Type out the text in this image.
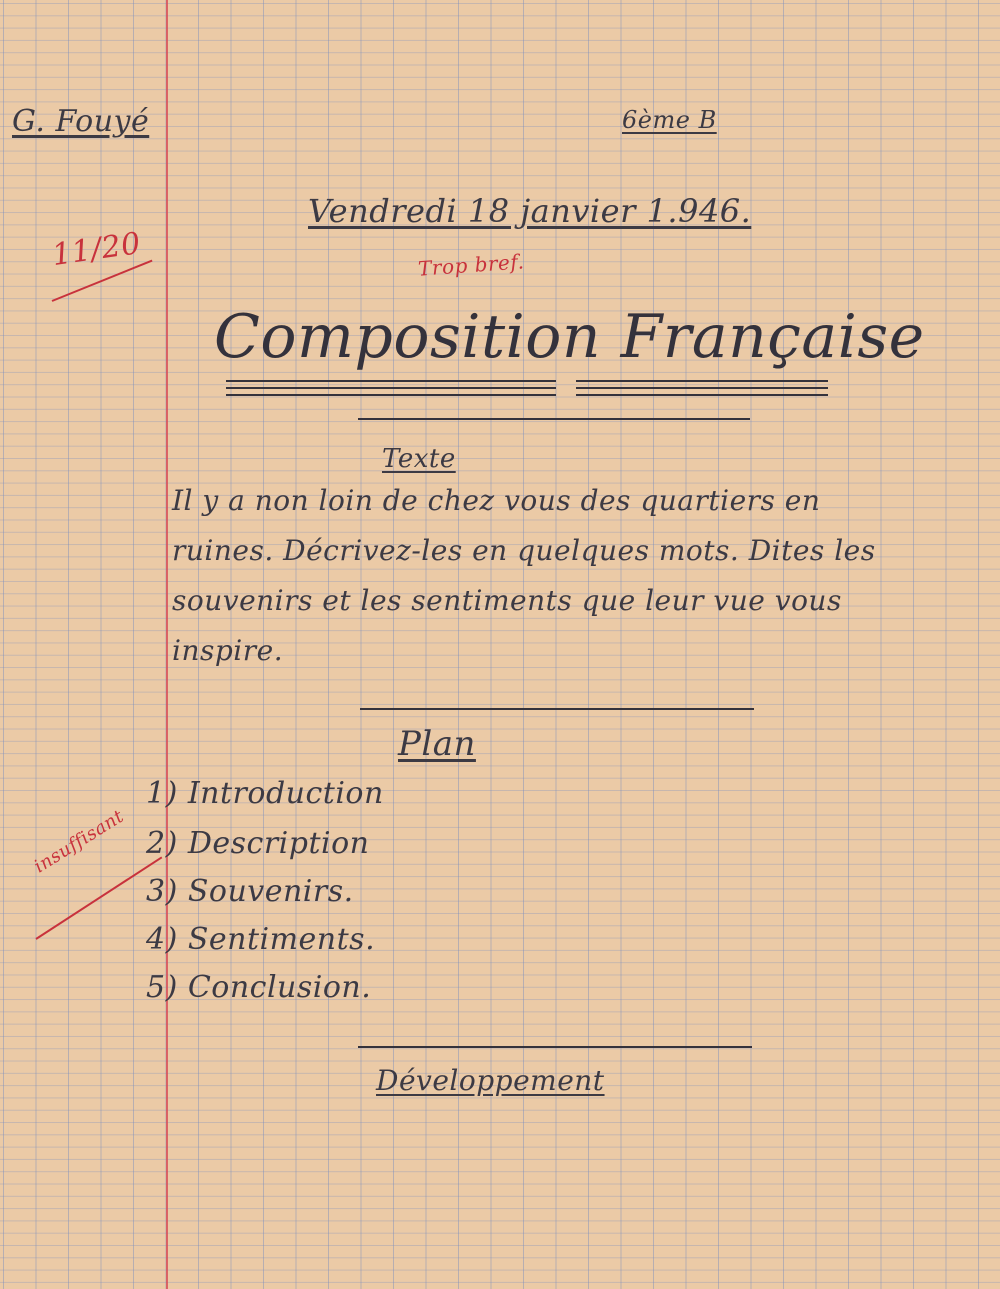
G. Fouyé	6ème B
11/20
Vendredi 18 janvier 1.946.
Trop bref.
Composition Française
Texte
Il y a non loin de chez vous des quartiers en
ruines. Décrivez-les en quelques mots. Dites les
souvenirs et les sentiments que leur vue vous
inspire.
Plan
1) Introduction
2) Description
3) Souvenirs.
4) Sentiments.
5) Conclusion.
insuffisant
Développement
